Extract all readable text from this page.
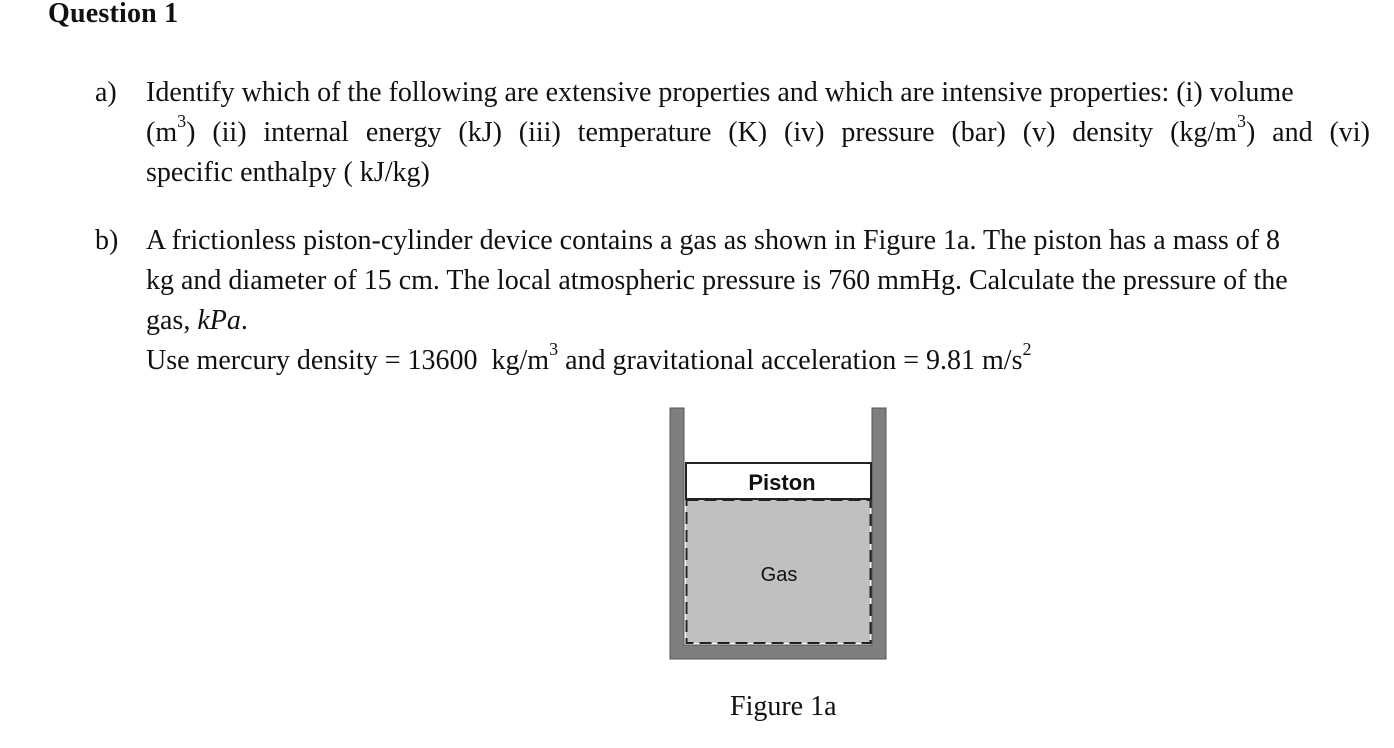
Question 1
a) Identify which of the following are extensive properties and which are intensive properties: (i) volume
$(m^3)$ (ii) internal energy (kJ) (iii) temperature (K) (iv) pressure (bar) (v) density $(kg/m^3)$ and (vi)
specific enthalpy ( kJ/kg)
b) A frictionless piston-cylinder device contains a gas as shown in Figure 1a. The piston has a mass of 8
kg and diameter of 15 cm. The local atmospheric pressure is 760 mmHg. Calculate the pressure of the
gas, kPa.
Use mercury density = 13600  $kg/m^3$ and gravitational acceleration = 9.81 $m/s^2$
Piston
Gas
Figure 1a
